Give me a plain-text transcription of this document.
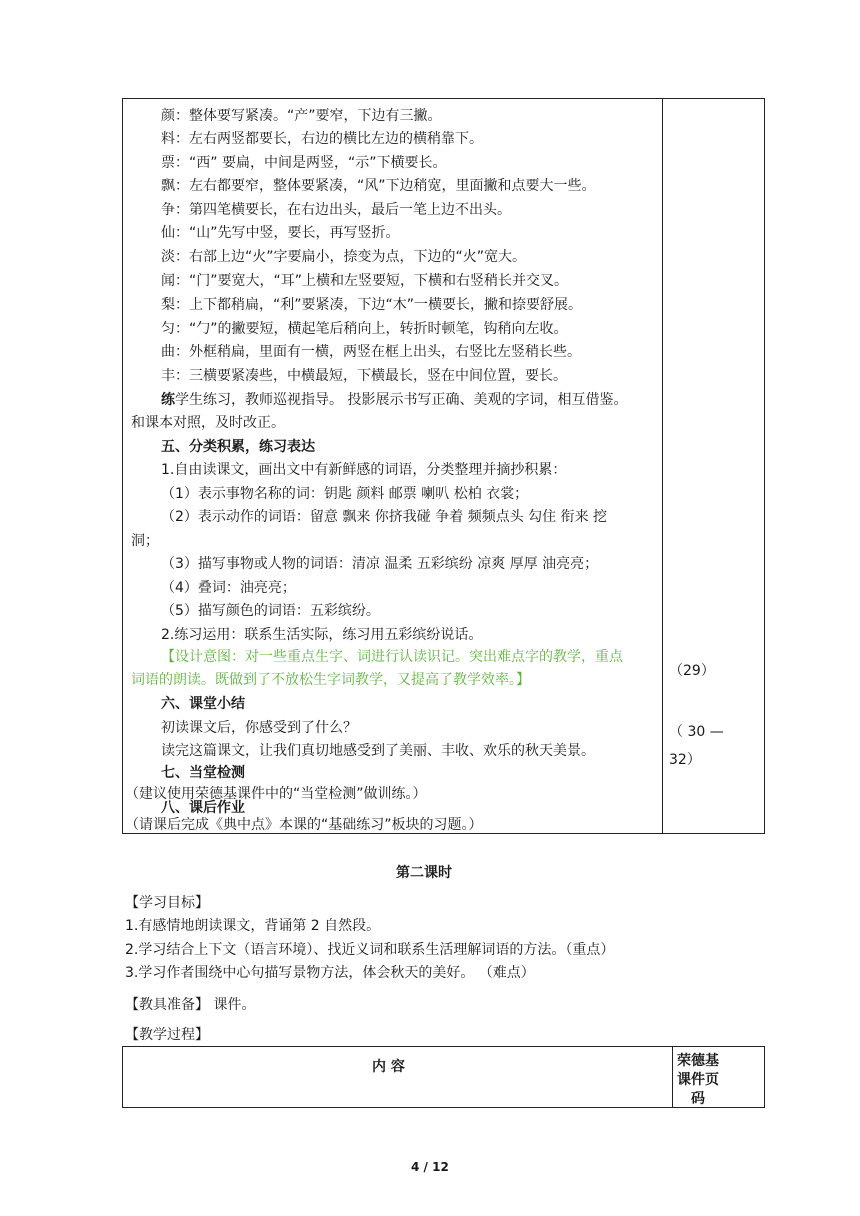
颜：整体要写紧凑。“产”要窄，下边有三撇。
料：左右两竖都要长，右边的横比左边的横稍靠下。
票：“西” 要扁，中间是两竖，“示”下横要长。
飘：左右都要窄，整体要紧凑，“风”下边稍宽，里面撇和点要大一些。
争：第四笔横要长，在右边出头，最后一笔上边不出头。
仙：“山”先写中竖，要长，再写竖折。
淡：右部上边“火”字要扁小，捺变为点，下边的“火”宽大。
闻：“门”要宽大，“耳”上横和左竖要短，下横和右竖稍长并交叉。
梨：上下都稍扁，“利”要紧凑，下边“木”一横要长，撇和捺要舒展。
匀：“勹”的撇要短，横起笔后稍向上，转折时顿笔，钩稍向左收。
曲：外框稍扁，里面有一横，两竖在框上出头，右竖比左竖稍长些。
丰：三横要紧凑些，中横最短，下横最长，竖在中间位置，要长。
练学生练习，教师巡视指导。 投影展示书写正确、美观的字词，相互借鉴。
和课本对照，及时改正。
五、分类积累，练习表达
1.自由读课文，画出文中有新鲜感的词语，分类整理并摘抄积累：
（1）表示事物名称的词：钥匙 颜料 邮票 喇叭 松柏 衣裳；
（2）表示动作的词语：留意 飘来 你挤我碰 争着 频频点头 勾住 衔来 挖
洞；
（3）描写事物或人物的词语：清凉 温柔 五彩缤纷 凉爽 厚厚 油亮亮；
（4）叠词：油亮亮；
（5）描写颜色的词语：五彩缤纷。
2.练习运用：联系生活实际，练习用五彩缤纷说话。
【设计意图：对一些重点生字、词进行认读识记。突出难点字的教学，重点
词语的朗读。既做到了不放松生字词教学，又提高了教学效率。】
六、课堂小结
初读课文后，你感受到了什么？
读完这篇课文，让我们真切地感受到了美丽、丰收、欢乐的秋天美景。
七、当堂检测
（建议使用荣德基课件中的“当堂检测”做训练。）
八、课后作业
（请课后完成《典中点》本课的“基础练习”板块的习题。）
（29）
（ 30 —
32）
第二课时
【学习目标】
1.有感情地朗读课文，背诵第 2 自然段。
2.学习结合上下文（语言环境）、找近义词和联系生活理解词语的方法。（重点）
3.学习作者围绕中心句描写景物方法，体会秋天的美好。 （难点）
【教具准备】 课件。
【教学过程】
内 容	荣德基
课件页
码
4 / 12
